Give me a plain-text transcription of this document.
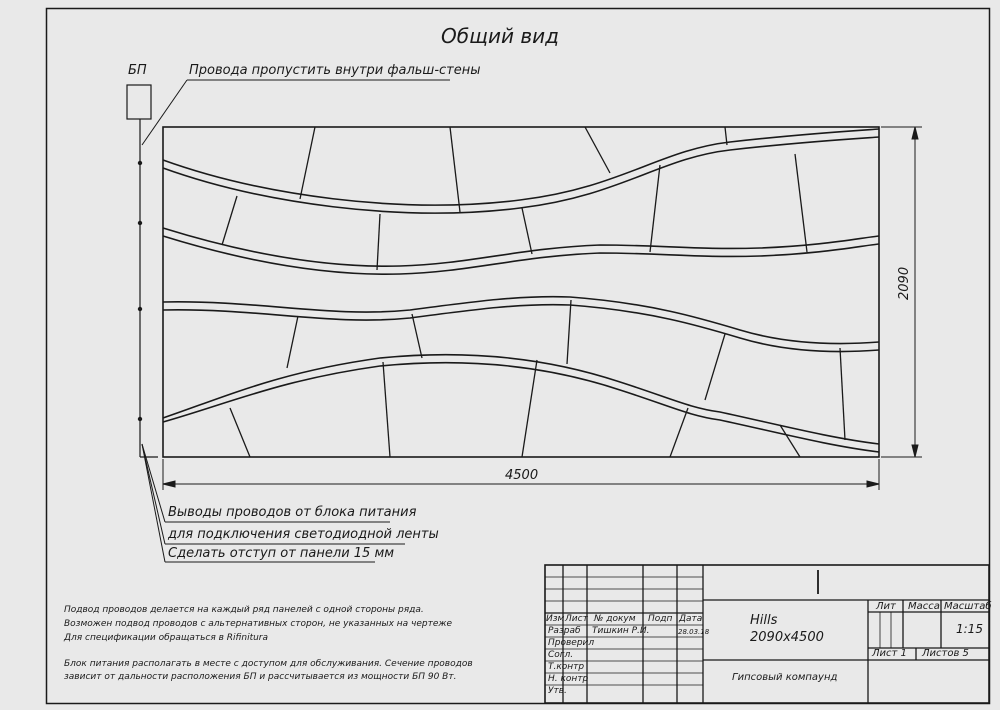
Общий вид
БП	Провода пропустить внутри фальш-стены
2090
4500
Выводы проводов от блока питания
для подключения светодиодной ленты
Сделать отступ от панели 15 мм
Подвод проводов делается на каждый ряд панелей с одной стороны ряда.
Возможен подвод проводов с альтернативных сторон, не указанных на чертеже
Для спецификации обращаться в Rifinitura
Блок питания располагать в месте с доступом для обслуживания. Сечение проводов
зависит от дальности расположения БП и рассчитывается из мощности БП 90 Вт.
Изм Лист № докум Подп Дата
Разраб
Проверил
Согл.
Т.контр
Н. контр
Утв.
Тишкин Р.И.	28.03.18
Hills
2090x4500
Гипсовый компаунд
Лит Масса Масштаб
1:15
Лист 1 Листов 5
